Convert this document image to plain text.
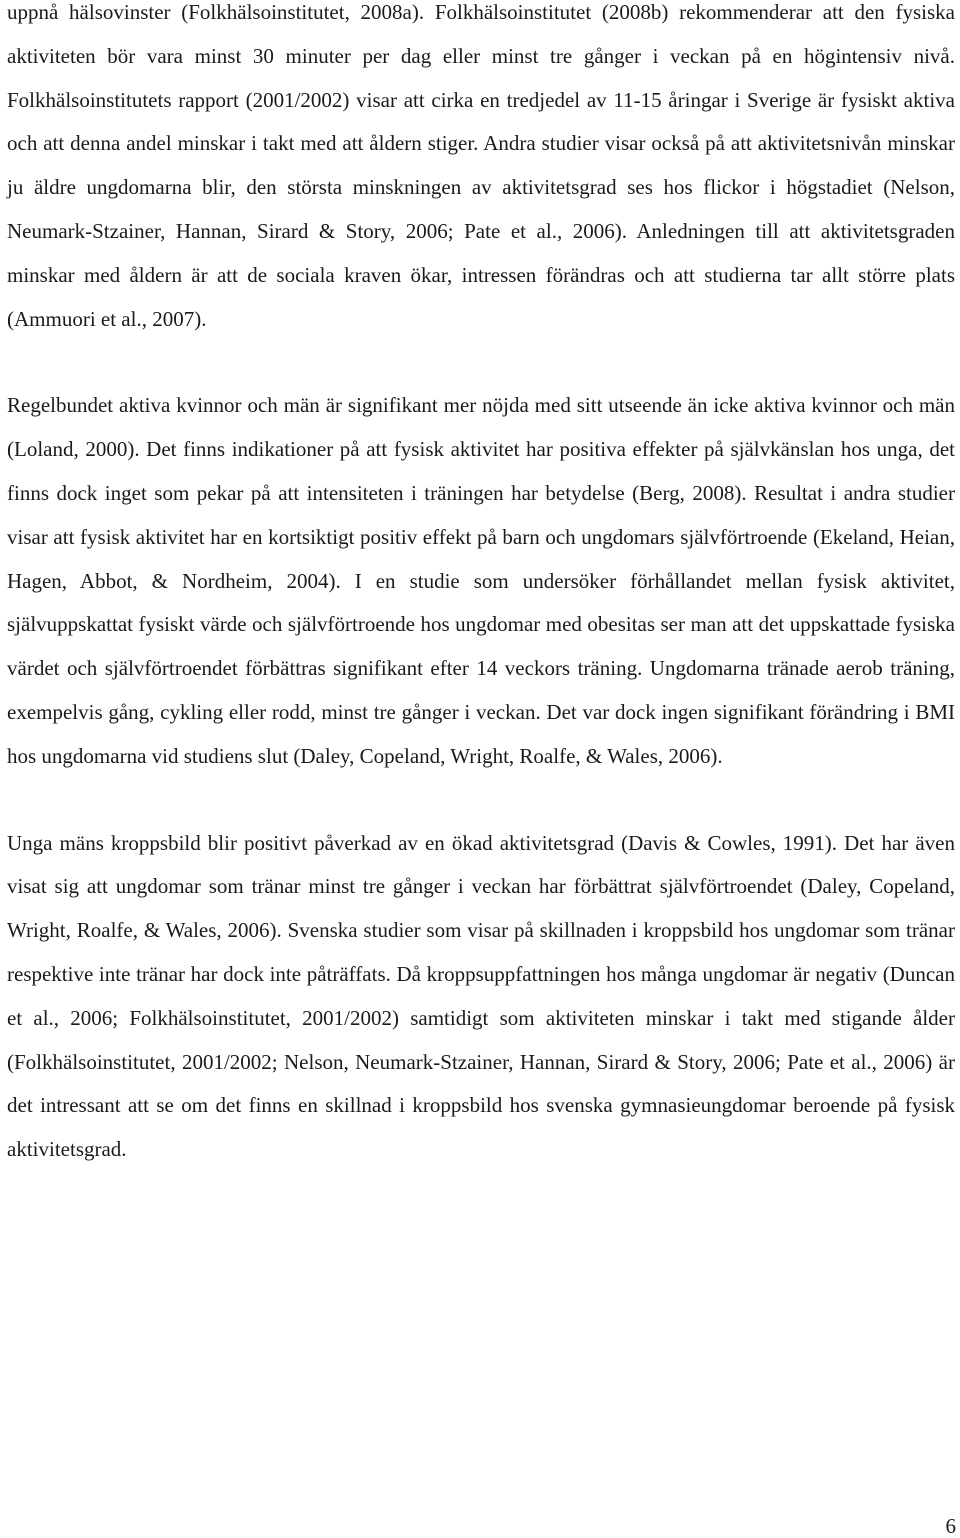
uppnå hälsovinster (Folkhälsoinstitutet, 2008a). Folkhälsoinstitutet (2008b) rekommenderar att den fysiska aktiviteten bör vara minst 30 minuter per dag eller minst tre gånger i veckan på en högintensiv nivå. Folkhälsoinstitutets rapport (2001/2002) visar att cirka en tredjedel av 11-15 åringar i Sverige är fysiskt aktiva och att denna andel minskar i takt med att åldern stiger. Andra studier visar också på att aktivitetsnivån minskar ju äldre ungdomarna blir, den största minskningen av aktivitetsgrad ses hos flickor i högstadiet (Nelson, Neumark-Stzainer, Hannan, Sirard & Story, 2006; Pate et al., 2006). Anledningen till att aktivitetsgraden minskar med åldern är att de sociala kraven ökar, intressen förändras och att studierna tar allt större plats (Ammuori et al., 2007).

Regelbundet aktiva kvinnor och män är signifikant mer nöjda med sitt utseende än icke aktiva kvinnor och män (Loland, 2000). Det finns indikationer på att fysisk aktivitet har positiva effekter på självkänslan hos unga, det finns dock inget som pekar på att intensiteten i träningen har betydelse (Berg, 2008). Resultat i andra studier visar att fysisk aktivitet har en kortsiktigt positiv effekt på barn och ungdomars självförtroende (Ekeland, Heian, Hagen, Abbot, & Nordheim, 2004). I en studie som undersöker förhållandet mellan fysisk aktivitet, självuppskattat fysiskt värde och självförtroende hos ungdomar med obesitas ser man att det uppskattade fysiska värdet och självförtroendet förbättras signifikant efter 14 veckors träning. Ungdomarna tränade aerob träning, exempelvis gång, cykling eller rodd, minst tre gånger i veckan. Det var dock ingen signifikant förändring i BMI hos ungdomarna vid studiens slut (Daley, Copeland, Wright, Roalfe, & Wales, 2006).

Unga mäns kroppsbild blir positivt påverkad av en ökad aktivitetsgrad (Davis & Cowles, 1991). Det har även visat sig att ungdomar som tränar minst tre gånger i veckan har förbättrat självförtroendet (Daley, Copeland, Wright, Roalfe, & Wales, 2006). Svenska studier som visar på skillnaden i kroppsbild hos ungdomar som tränar respektive inte tränar har dock inte påträffats. Då kroppsuppfattningen hos många ungdomar är negativ (Duncan et al., 2006; Folkhälsoinstitutet, 2001/2002) samtidigt som aktiviteten minskar i takt med stigande ålder (Folkhälsoinstitutet, 2001/2002; Nelson, Neumark-Stzainer, Hannan, Sirard & Story, 2006; Pate et al., 2006) är det intressant att se om det finns en skillnad i kroppsbild hos svenska gymnasieungdomar beroende på fysisk aktivitetsgrad.

6
